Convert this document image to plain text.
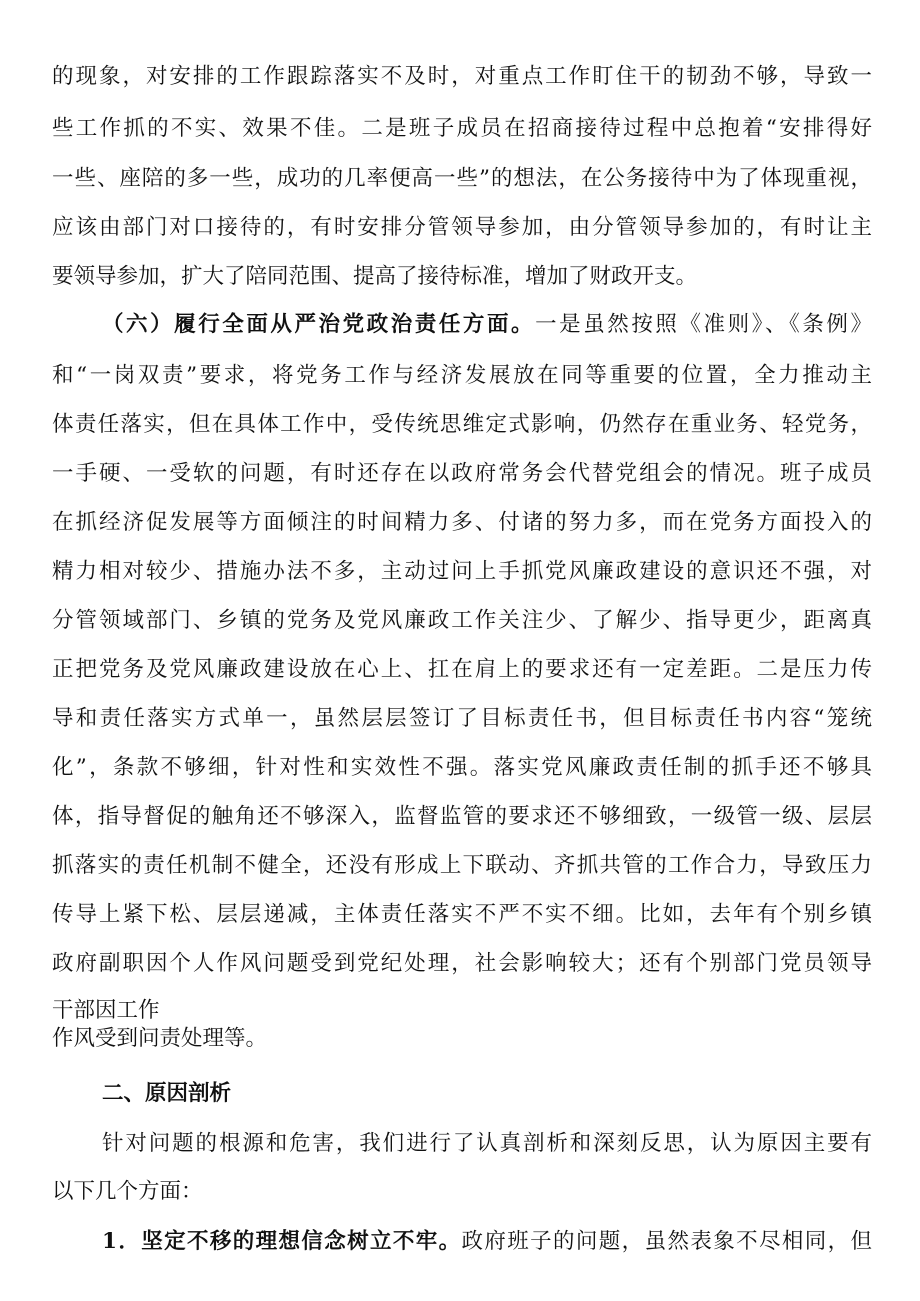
的现象，对安排的工作跟踪落实不及时，对重点工作盯住干的韧劲不够，导致一
些工作抓的不实、效果不佳。二是班子成员在招商接待过程中总抱着“安排得好
一些、座陪的多一些，成功的几率便高一些”的想法，在公务接待中为了体现重视，
应该由部门对口接待的，有时安排分管领导参加，由分管领导参加的，有时让主
要领导参加，扩大了陪同范围、提高了接待标准，增加了财政开支。
（六）履行全面从严治党政治责任方面。一是虽然按照《准则》、《条例》
和“一岗双责”要求，将党务工作与经济发展放在同等重要的位置，全力推动主
体责任落实，但在具体工作中，受传统思维定式影响，仍然存在重业务、轻党务，
一手硬、一受软的问题，有时还存在以政府常务会代替党组会的情况。班子成员
在抓经济促发展等方面倾注的时间精力多、付诸的努力多，而在党务方面投入的
精力相对较少、措施办法不多，主动过问上手抓党风廉政建设的意识还不强，对
分管领域部门、乡镇的党务及党风廉政工作关注少、了解少、指导更少，距离真
正把党务及党风廉政建设放在心上、扛在肩上的要求还有一定差距。二是压力传
导和责任落实方式单一，虽然层层签订了目标责任书，但目标责任书内容“笼统
化”，条款不够细，针对性和实效性不强。落实党风廉政责任制的抓手还不够具
体，指导督促的触角还不够深入，监督监管的要求还不够细致，一级管一级、层层
抓落实的责任机制不健全，还没有形成上下联动、齐抓共管的工作合力，导致压力
传导上紧下松、层层递减，主体责任落实不严不实不细。比如，去年有个别乡镇
政府副职因个人作风问题受到党纪处理，社会影响较大；还有个别部门党员领导
干部因工作
作风受到问责处理等。
二、原因剖析
针对问题的根源和危害，我们进行了认真剖析和深刻反思，认为原因主要有
以下几个方面：
1．坚定不移的理想信念树立不牢。政府班子的问题，虽然表象不尽相同，但
